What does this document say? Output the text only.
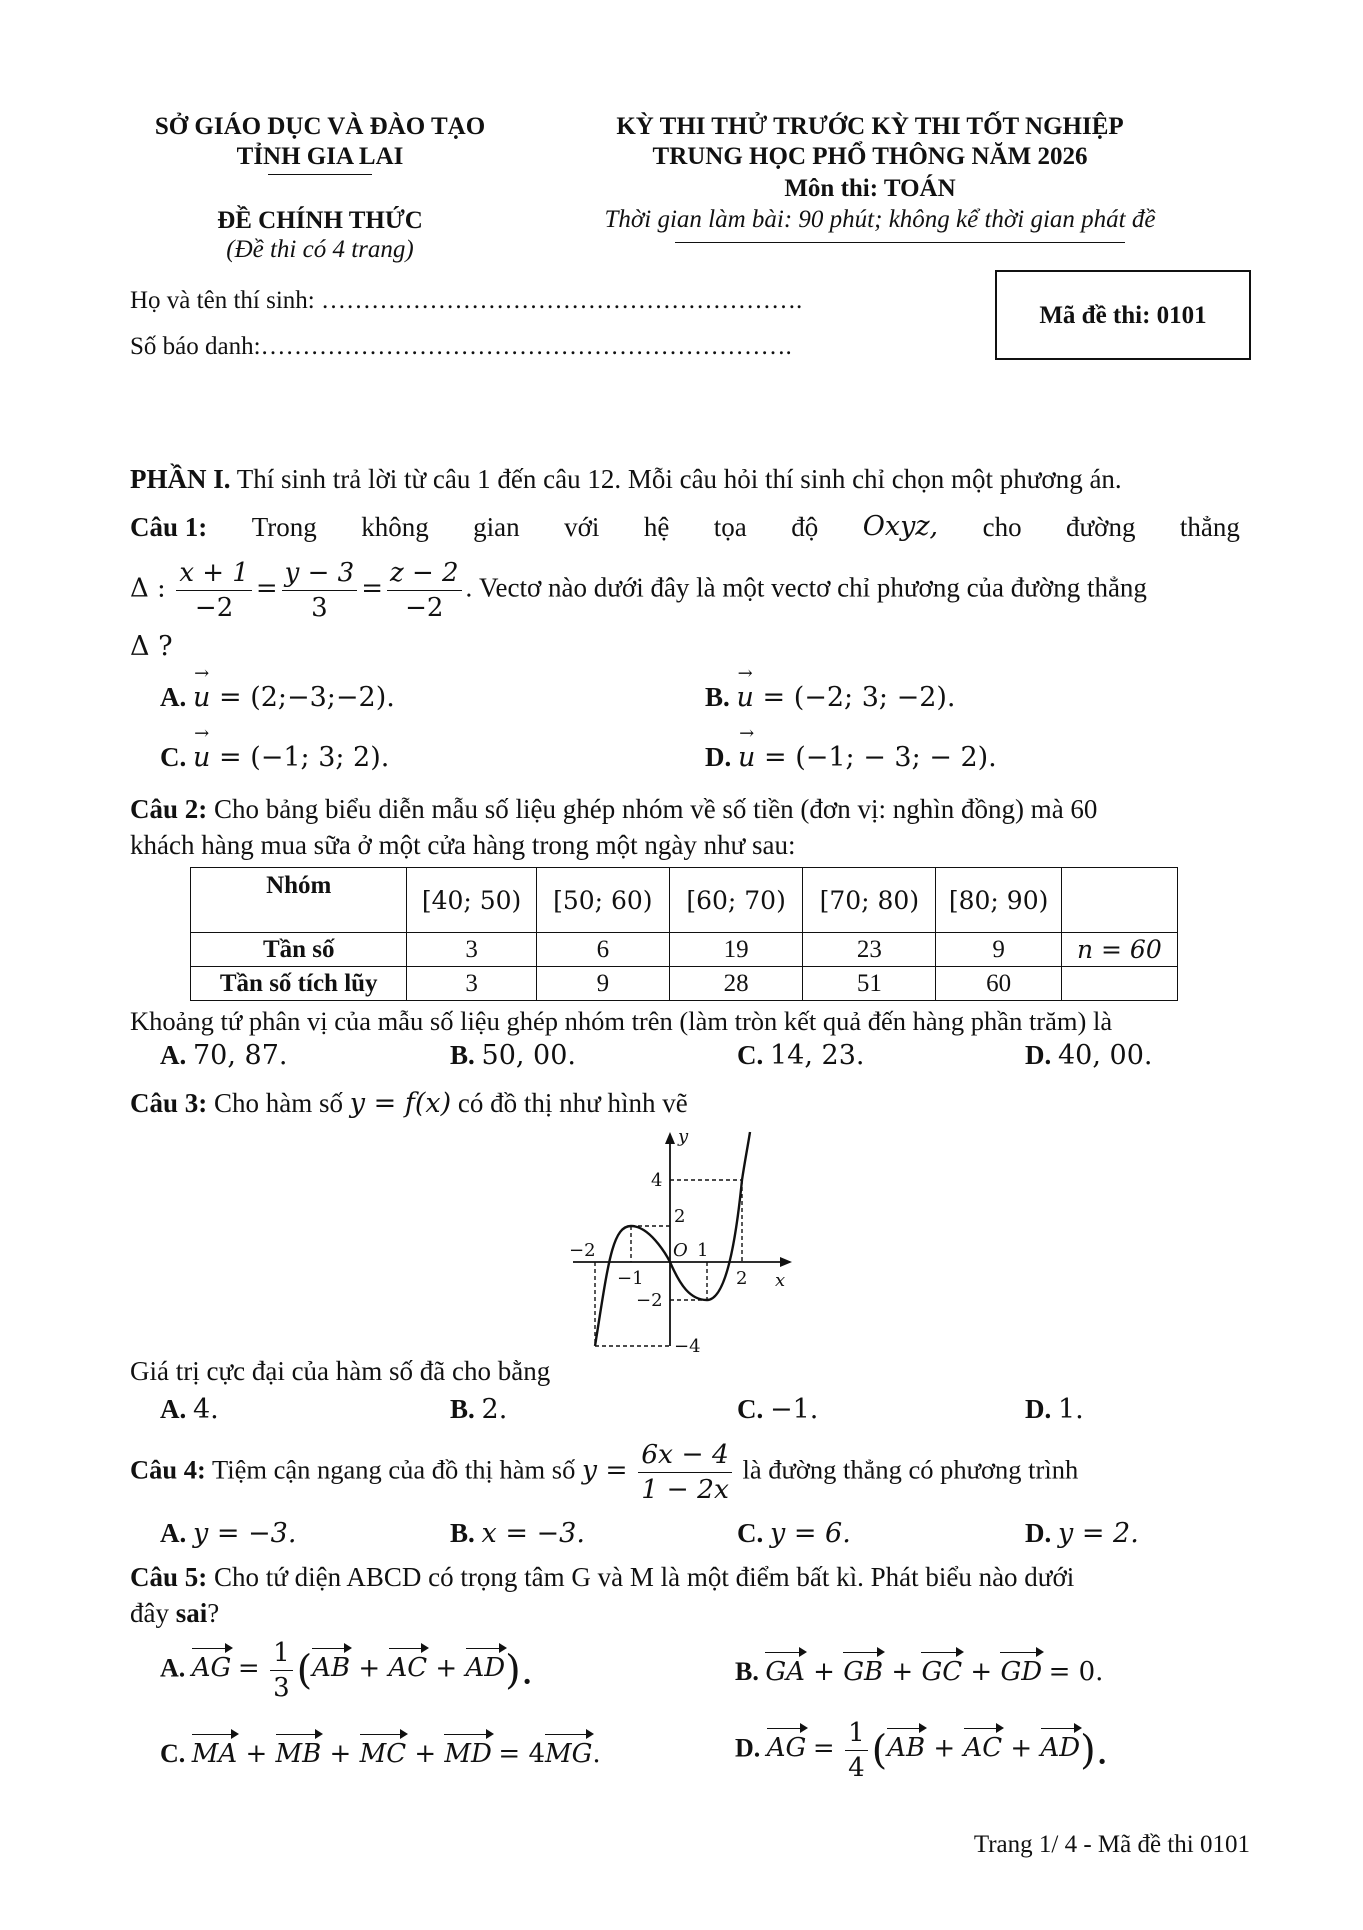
SỞ GIÁO DỤC VÀ ĐÀO TẠO
TỈNH GIA LAI
ĐỀ CHÍNH THỨC
(Đề thi có 4 trang)
KỲ THI THỬ TRƯỚC KỲ THI TỐT NGHIỆP
TRUNG HỌC PHỔ THÔNG NĂM 2026
Môn thi: TOÁN
Thời gian làm bài: 90 phút; không kể thời gian phát đề
Họ và tên thí sinh: ………………………………………………….
Số báo danh:……………………………………………………….
Mã đề thi: 0101
PHẦN I. Thí sinh trả lời từ câu 1 đến câu 12. Mỗi câu hỏi thí sinh chỉ chọn một phương án.
Câu 1: Trong không gian với hệ tọa độ Oxyz, cho đường thẳng
Δ : $\frac{x + 1}{-2} = \frac{y - 3}{3} = \frac{z - 2}{-2}$ . Vectơ nào dưới đây là một vectơ chỉ phương của đường thẳng
Δ ?
A. → u = (2;−3;−2).	B. → u = (−2; 3; −2).
C. → u = (−1; 3; 2).	D. → u = (−1; − 3; − 2).
Câu 2: Cho bảng biểu diễn mẫu số liệu ghép nhóm về số tiền (đơn vị: nghìn đồng) mà 60
khách hàng mua sữa ở một cửa hàng trong một ngày như sau:
Nhóm	[40; 50)	[50; 60)	[60; 70)	[70; 80)	[80; 90)	
Tần số	3	6	19	23	9	n = 60
Tần số tích lũy	3	9	28	51	60	
Khoảng tứ phân vị của mẫu số liệu ghép nhóm trên (làm tròn kết quả đến hàng phần trăm) là
A. 70, 87.	B. 50, 00.	C. 14, 23.	D. 40, 00.
Câu 3: Cho hàm số y = f(x) có đồ thị như hình vẽ
y
x
4
2
−2	O 1
−1	2
−2
−4
Giá trị cực đại của hàm số đã cho bằng
A. 4.	B. 2.	C. −1.	D. 1.
Câu 4: Tiệm cận ngang của đồ thị hàm số $y = \frac{6x - 4}{1 - 2x}$ là đường thẳng có phương trình
A. y = −3.	B. x = −3.	C. y = 6.	D. y = 2.
Câu 5: Cho tứ diện ABCD có trọng tâm G và M là một điểm bất kì. Phát biểu nào dưới
đây sai?
A. AG = $\frac{1}{3} (AB$ + AC + AD).	B. GA + GB + GC + GD = 0.
C. MA + MB + MC + MD = 4MG.	D. AG = $\frac{1}{4} (AB$ + AC + AD).
Trang 1/ 4 - Mã đề thi 0101
